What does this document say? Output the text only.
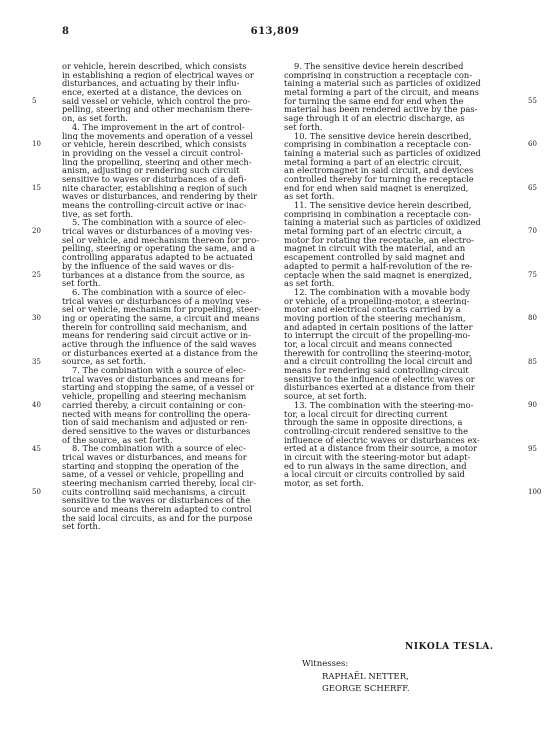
8	613,809
or vehicle, herein described, which consists
in establishing a region of electrical waves or
disturbances, and actuating by their influ-
ence, exerted at a distance, the devices on
said vessel or vehicle, which control the pro-
pelling, steering and other mechanism there-
on, as set forth.
4. The improvement in the art of control-
ling the movements and operation of a vessel
or vehicle, herein described, which consists
in providing on the vessel a circuit control-
ling the propelling, steering and other mech-
anism, adjusting or rendering such circuit
sensitive to waves or disturbances of a defi-
nite character, establishing a region of such
waves or disturbances, and rendering by their
means the controlling-circuit active or inac-
tive, as set forth.
5. The combination with a source of elec-
trical waves or disturbances of a moving ves-
sel or vehicle, and mechanism thereon for pro-
pelling, steering or operating the same, and a
controlling apparatus adapted to be actuated
by the influence of the said waves or dis-
turbances at a distance from the source, as
set forth.
6. The combination with a source of elec-
trical waves or disturbances of a moving ves-
sel or vehicle, mechanism for propelling, steer-
ing or operating the same, a circuit and means
therein for controlling said mechanism, and
means for rendering said circuit active or in-
active through the influence of the said waves
or disturbances exerted at a distance from the
source, as set forth.
7. The combination with a source of elec-
trical waves or disturbances and means for
starting and stopping the same, of a vessel or
vehicle, propelling and steering mechanism
carried thereby, a circuit containing or con-
nected with means for controlling the opera-
tion of said mechanism and adjusted or ren-
dered sensitive to the waves or disturbances
of the source, as set forth.
8. The combination with a source of elec-
trical waves or disturbances, and means for
starting and stopping the operation of the
same, of a vessel or vehicle, propelling and
steering mechanism carried thereby, local cir-
cuits controlling said mechanisms, a circuit
sensitive to the waves or disturbances of the
source and means therein adapted to control
the said local circuits, as and for the purpose
set forth.
9. The sensitive device herein described
comprising in construction a receptacle con-
taining a material such as particles of oxidized
metal forming a part of the circuit, and means
for turning the same end for end when the
material has been rendered active by the pas-
sage through it of an electric discharge, as
set forth.
10. The sensitive device herein described,
comprising in combination a receptacle con-
taining a material such as particles of oxidized
metal forming a part of an electric circuit,
an electromagnet in said circuit, and devices
controlled thereby for turning the receptacle
end for end when said magnet is energized,
as set forth.
11. The sensitive device herein described,
comprising in combination a receptacle con-
taining a material such as particles of oxidized
metal forming part of an electric circuit, a
motor for rotating the receptacle, an electro-
magnet in circuit with the material, and an
escapement controlled by said magnet and
adapted to permit a half-revolution of the re-
ceptacle when the said magnet is energized,
as set forth.
12. The combination with a movable body
or vehicle, of a propelling-motor, a steering-
motor and electrical contacts carried by a
moving portion of the steering mechanism,
and adapted in certain positions of the latter
to interrupt the circuit of the propelling-mo-
tor, a local circuit and means connected
therewith for controlling the steering-motor,
and a circuit controlling the local circuit and
means for rendering said controlling-circuit
sensitive to the influence of electric waves or
disturbances exerted at a distance from their
source, at set forth.
13. The combination with the steering-mo-
tor, a local circuit for directing current
through the same in opposite directions, a
controlling-circuit rendered sensitive to the
influence of electric waves or disturbances ex-
erted at a distance from their source, a motor
in circuit with the steering-motor but adapt-
ed to run always in the same direction, and
a local circuit or circuits controlled by said
motor, as set forth.
5
10
15
20
25
30
35
40
45
50
55
60
65
70
75
80
85
90
95
100
NIKOLA TESLA.
Witnesses:
RAPHAËL NETTER,
GEORGE SCHERFF.
